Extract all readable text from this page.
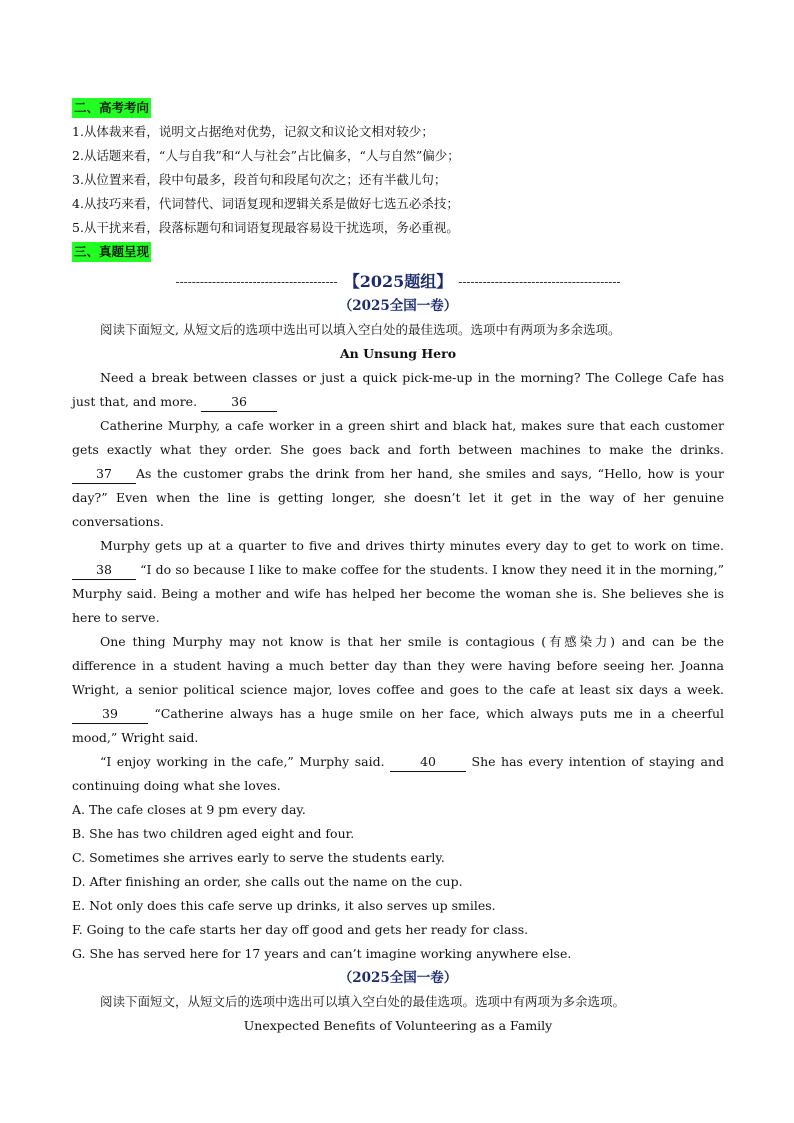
二、高考考向
1.从体裁来看，说明文占据绝对优势，记叙文和议论文相对较少；
2.从话题来看，“人与自我”和“人与社会”占比偏多，“人与自然”偏少；
3.从位置来看，段中句最多，段首句和段尾句次之；还有半截儿句；
4.从技巧来看，代词替代、词语复现和逻辑关系是做好七选五必杀技；
5.从干扰来看，段落标题句和词语复现最容易设干扰选项，务必重视。
三、真题呈现
---------------------------------------- 【2025题组】 ----------------------------------------
（2025全国一卷）
阅读下面短文, 从短文后的选项中选出可以填入空白处的最佳选项。选项中有两项为多余选项。
An Unsung Hero
Need a break between classes or just a quick pick-me-up in the morning? The College Cafe has just that, and more. 36
Catherine Murphy, a cafe worker in a green shirt and black hat, makes sure that each customer gets exactly what they order. She goes back and forth between machines to make the drinks.37 As the customer grabs the drink from her hand, she smiles and says, “Hello, how is your day?” Even when the line is getting longer, she doesn’t let it get in the way of her genuine conversations.
Murphy gets up at a quarter to five and drives thirty minutes every day to get to work on time.38 “I do so because I like to make coffee for the students. I know they need it in the morning,” Murphy said. Being a mother and wife has helped her become the woman she is. She believes she is here to serve.
One thing Murphy may not know is that her smile is contagious (有感染力) and can be the difference in a student having a much better day than they were having before seeing her. Joanna Wright, a senior political science major, loves coffee and goes to the cafe at least six days a week. 39 “Catherine always has a huge smile on her face, which always puts me in a cheerful mood,” Wright said.
“I enjoy working in the cafe,” Murphy said. 40 She has every intention of staying and continuing doing what she loves.
A. The cafe closes at 9 pm every day.
B. She has two children aged eight and four.
C. Sometimes she arrives early to serve the students early.
D. After finishing an order, she calls out the name on the cup.
E. Not only does this cafe serve up drinks, it also serves up smiles.
F. Going to the cafe starts her day off good and gets her ready for class.
G. She has served here for 17 years and can’t imagine working anywhere else.
（2025全国一卷）
阅读下面短文，从短文后的选项中选出可以填入空白处的最佳选项。选项中有两项为多余选项。
Unexpected Benefits of Volunteering as a Family
